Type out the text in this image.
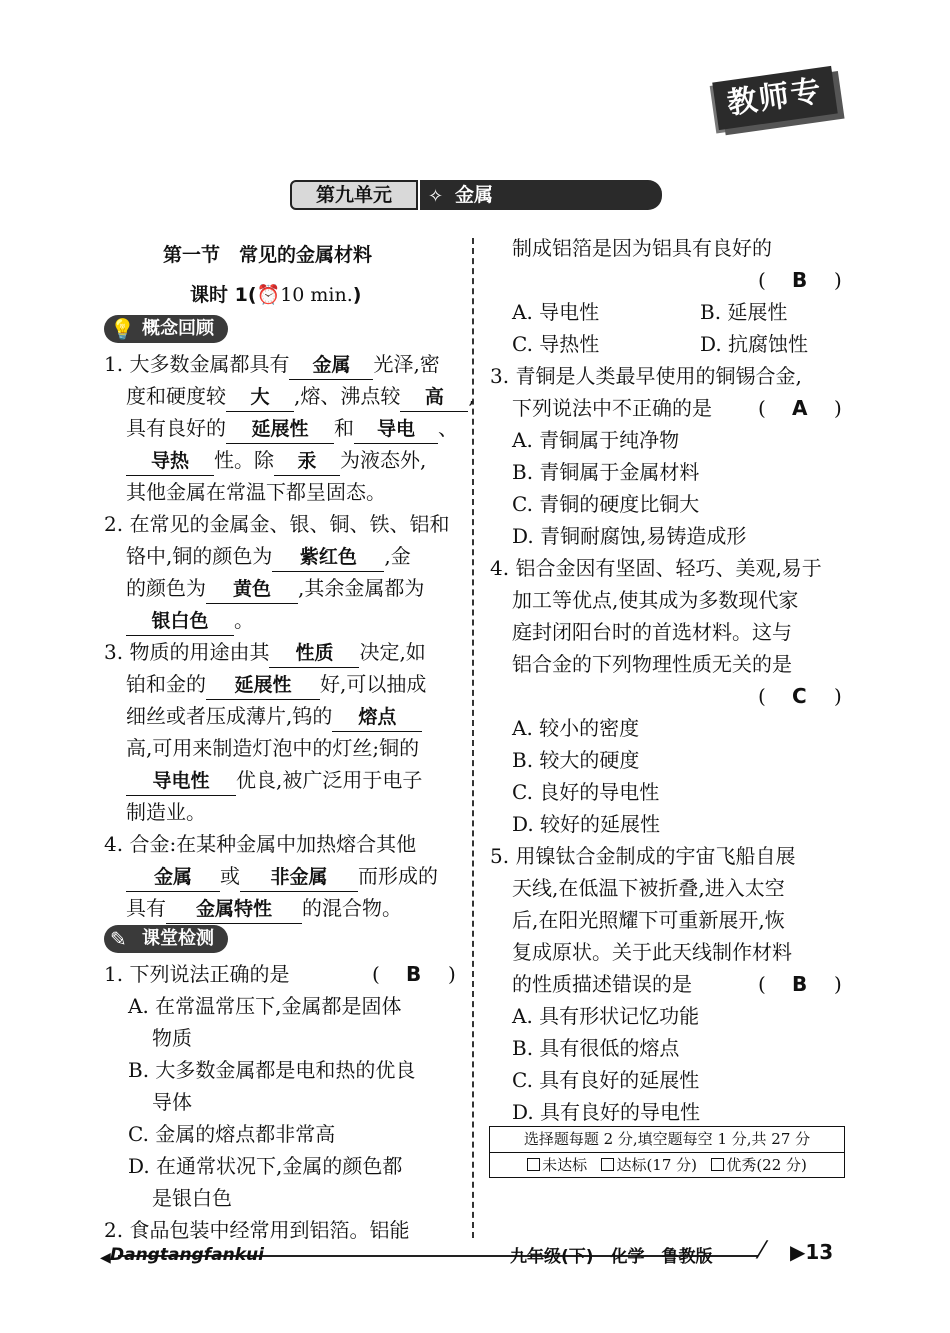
教师专用
第九单元	✧ 金属
第一节　常见的金属材料
课时 1(⏰10 min.)
💡 概念回顾
1. 大多数金属都具有 金属 光泽,密
度和硬度较 大 ,熔、沸点较 高 ,
具有良好的 延展性 和 导电 、
导热 性。除 汞 为液态外,
其他金属在常温下都呈固态。
2. 在常见的金属金、银、铜、铁、铝和
铬中,铜的颜色为 紫红色 ,金
的颜色为 黄色 ,其余金属都为
银白色 。
3. 物质的用途由其 性质 决定,如
铂和金的 延展性 好,可以抽成
细丝或者压成薄片,钨的 熔点
高,可用来制造灯泡中的灯丝;铜的
导电性 优良,被广泛用于电子
制造业。
4. 合金:在某种金属中加热熔合其他
金属 或 非金属 而形成的
具有 金属特性 的混合物。
✎ 课堂检测
1. 下列说法正确的是	( B )
A. 在常温常压下,金属都是固体
物质
B. 大多数金属都是电和热的优良
导体
C. 金属的熔点都非常高
D. 在通常状况下,金属的颜色都
是银白色
2. 食品包装中经常用到铝箔。铝能
制成铝箔是因为铝具有良好的
( B )
A. 导电性	B. 延展性
C. 导热性	D. 抗腐蚀性
3. 青铜是人类最早使用的铜锡合金,
下列说法中不正确的是 ( A )
A. 青铜属于纯净物
B. 青铜属于金属材料
C. 青铜的硬度比铜大
D. 青铜耐腐蚀,易铸造成形
4. 铝合金因有坚固、轻巧、美观,易于
加工等优点,使其成为多数现代家
庭封闭阳台时的首选材料。这与
铝合金的下列物理性质无关的是
( C )
A. 较小的密度
B. 较大的硬度
C. 良好的导电性
D. 较好的延展性
5. 用镍钛合金制成的宇宙飞船自展
天线,在低温下被折叠,进入太空
后,在阳光照耀下可重新展开,恢
复成原状。关于此天线制作材料
的性质描述错误的是	( B )
A. 具有形状记忆功能
B. 具有很低的熔点
C. 具有良好的延展性
D. 具有良好的导电性
选择题每题 2 分,填空题每空 1 分,共 27 分
未达标 达标(17 分) 优秀(22 分)
◀ Dangtangfankui	九年级(下)　化学　鲁教版 ⁄ ▶13
